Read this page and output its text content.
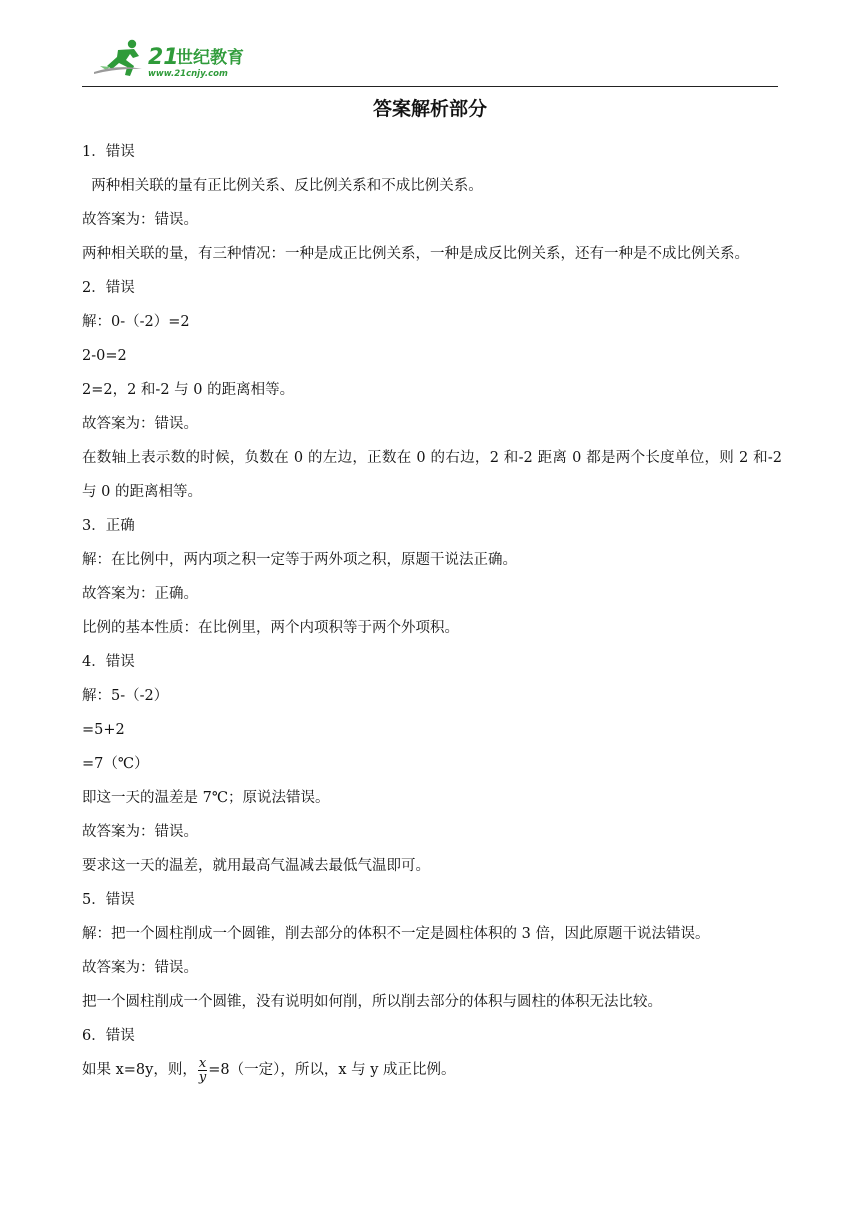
21
世纪教育
www.21cnjy.com
答案解析部分

1．错误

两种相关联的量有正比例关系、反比例关系和不成比例关系。

故答案为：错误。

两种相关联的量，有三种情况：一种是成正比例关系，一种是成反比例关系，还有一种是不成比例关系。

2．错误

解：0-（-2）=2

2-0=2

2=2，2 和-2 与 0 的距离相等。

故答案为：错误。

在数轴上表示数的时候，负数在 0 的左边，正数在 0 的右边，2 和-2 距离 0 都是两个长度单位，则 2 和-2 与 0 的距离相等。

3．正确

解：在比例中，两内项之积一定等于两外项之积，原题干说法正确。

故答案为：正确。

比例的基本性质：在比例里，两个内项积等于两个外项积。

4．错误

解：5-（-2）

=5+2

=7（℃）

即这一天的温差是 7℃；原说法错误。

故答案为：错误。

要求这一天的温差，就用最高气温减去最低气温即可。

5．错误

解：把一个圆柱削成一个圆锥，削去部分的体积不一定是圆柱体积的 3 倍，因此原题干说法错误。

故答案为：错误。

把一个圆柱削成一个圆锥，没有说明如何削，所以削去部分的体积与圆柱的体积无法比较。

6．错误

如果 x=8y，则， $\frac{x}{y} =8$（一定），所以，x 与 y 成正比例。
